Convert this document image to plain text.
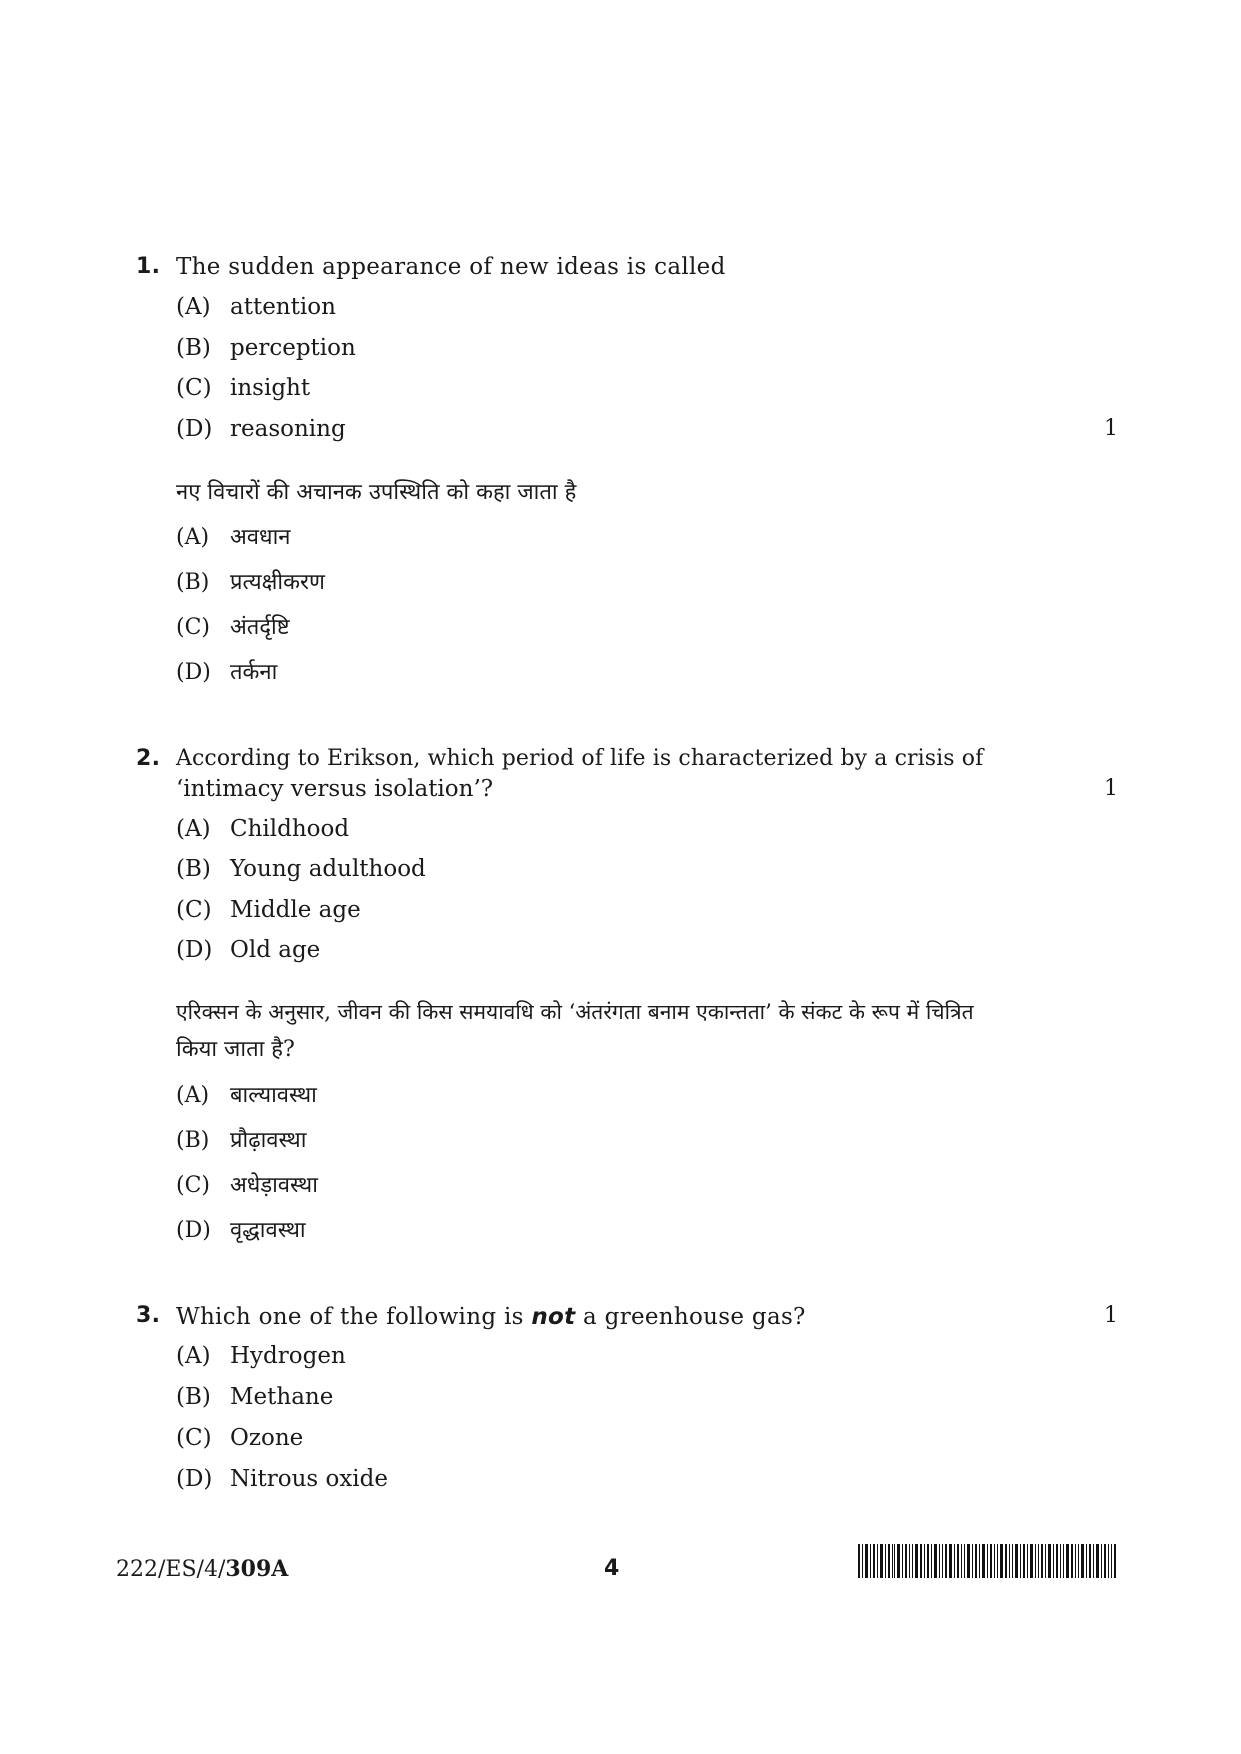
1. The sudden appearance of new ideas is called
(A) attention
(B) perception
(C) insight
(D) reasoning	1
नए विचारों की अचानक उपस्थिति को कहा जाता है
(A) अवधान
(B) प्रत्यक्षीकरण
(C) अंतर्दृष्टि
(D) तर्कना
2. According to Erikson, which period of life is characterized by a crisis of
‘intimacy versus isolation’?	1
(A) Childhood
(B) Young adulthood
(C) Middle age
(D) Old age
एरिक्सन के अनुसार, जीवन की किस समयावधि को ‘अंतरंगता बनाम एकान्तता’ के संकट के रूप में चित्रित
किया जाता है?
(A) बाल्यावस्था
(B) प्रौढ़ावस्था
(C) अधेड़ावस्था
(D) वृद्धावस्था
3. Which one of the following is not a greenhouse gas?	1
(A) Hydrogen
(B) Methane
(C) Ozone
(D) Nitrous oxide
222/ES/4/309A	4
